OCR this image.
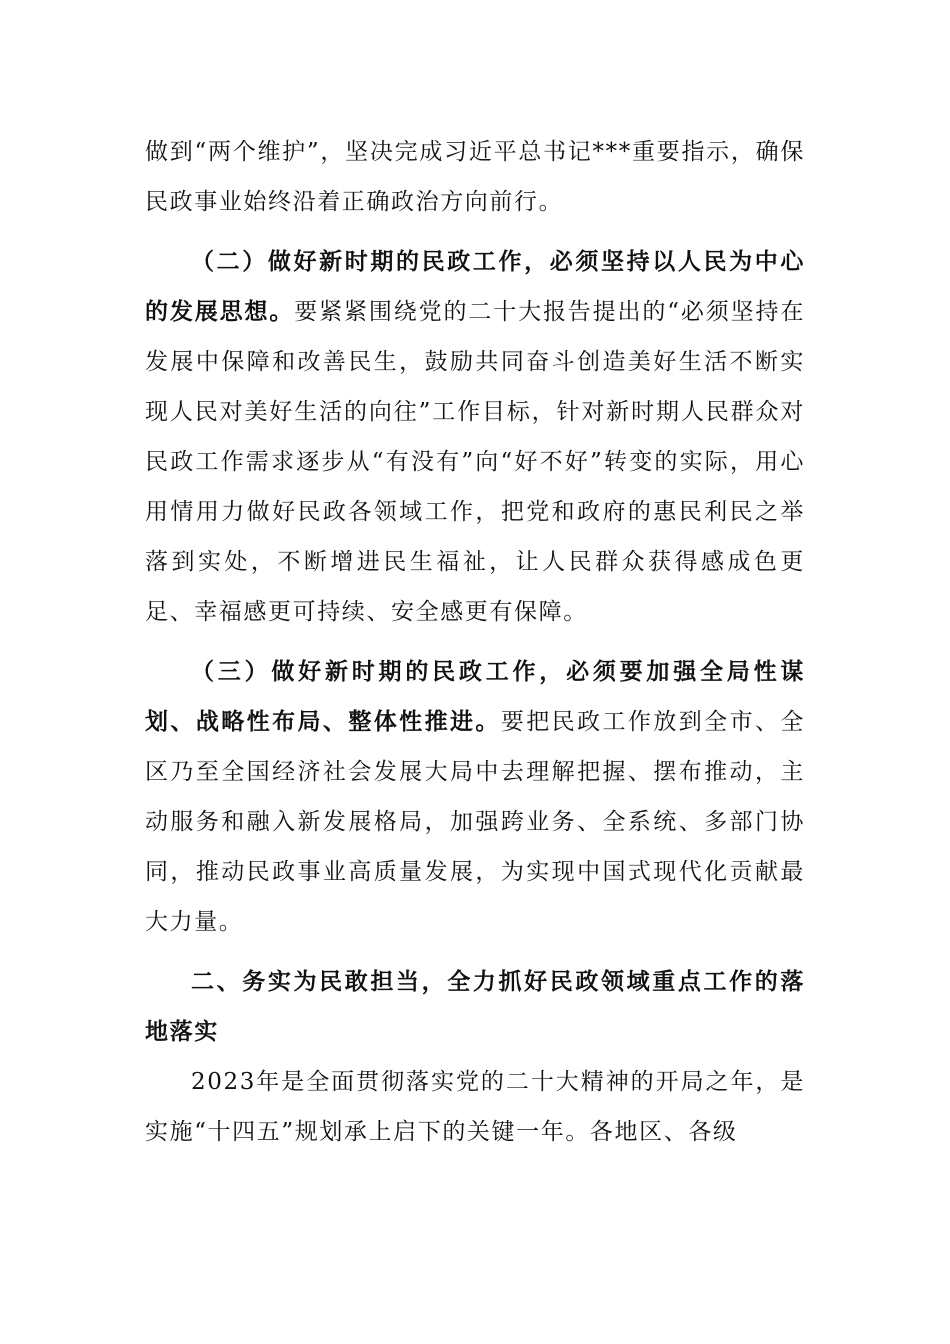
做到“两个维护”，坚决完成习近平总书记***重要指示，确保民政事业始终沿着正确政治方向前行。

（二）做好新时期的民政工作，必须坚持以人民为中心的发展思想。要紧紧围绕党的二十大报告提出的“必须坚持在发展中保障和改善民生，鼓励共同奋斗创造美好生活不断实现人民对美好生活的向往”工作目标，针对新时期人民群众对民政工作需求逐步从“有没有”向“好不好”转变的实际，用心用情用力做好民政各领域工作，把党和政府的惠民利民之举落到实处，不断增进民生福祉，让人民群众获得感成色更足、幸福感更可持续、安全感更有保障。

（三）做好新时期的民政工作，必须要加强全局性谋划、战略性布局、整体性推进。要把民政工作放到全市、全区乃至全国经济社会发展大局中去理解把握、摆布推动，主动服务和融入新发展格局，加强跨业务、全系统、多部门协同，推动民政事业高质量发展，为实现中国式现代化贡献最大力量。

二、务实为民敢担当，全力抓好民政领域重点工作的落地落实

2023年是全面贯彻落实党的二十大精神的开局之年，是实施“十四五”规划承上启下的关键一年。各地区、各级
